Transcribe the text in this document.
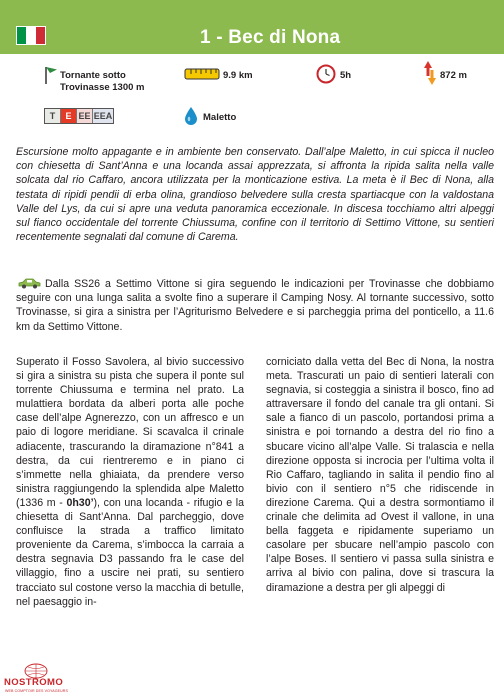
1 - Bec di Nona
Tornante sotto
Trovinasse 1300 m
9.9 km	5h	872 m
T	E EE EEA	Maletto

Escursione molto appagante e in ambiente ben conservato. Dall’alpe Maletto, in cui spicca il nucleo con chiesetta di Sant’Anna e una locanda assai apprezzata, si affronta la ripida salita nella valle solcata dal rio Caffaro, ancora utilizzata per la monticazione estiva. La meta è il Bec di Nona, alla testata di ripidi pendii di erba olina, grandioso belvedere sulla cresta spartiacque con la valdostana Valle del Lys, da cui si apre una veduta panoramica eccezionale. In discesa tocchiamo altri alpeggi sul fianco occidentale del torrente Chiussuma, confine con il territorio di Settimo Vittone, su sentieri recentemente segnalati dal comune di Carema.

Dalla SS26 a Settimo Vittone si gira seguendo le indicazioni per Trovinasse che dobbiamo seguire con una lunga salita a svolte fino a superare il Camping Nosy. Al tornante successivo, sotto Trovinasse, si gira a sinistra per l’Agriturismo Belvedere e si parcheggia prima del ponticello, a 11.6 km da Settimo Vittone.

Superato il Fosso Savolera, al bivio successivo si gira a sinistra su pista che supera il ponte sul torrente Chiussuma e termina nel prato. La mulattiera bordata da alberi porta alle poche case dell’alpe Agnerezzo, con un affresco e un paio di logore meridiane. Si scavalca il crinale adiacente, trascurando la diramazione n°841 a destra, da cui rientreremo e in piano ci s’immette nella ghiaiata, da prendere verso sinistra raggiungendo la splendida alpe Maletto (1336 m - 0h30’), con una locanda - rifugio e la chiesetta di Sant’Anna. Dal parcheggio, dove confluisce la strada a traffico limitato proveniente da Carema, s’imbocca la carraia a destra segnavia D3 passando fra le case del villaggio, fino a uscire nei prati, su sentiero tracciato sul costone verso la macchia di betulle, nel paesaggio in-

corniciato dalla vetta del Bec di Nona, la nostra meta. Trascurati un paio di sentieri laterali con segnavia, si costeggia a sinistra il bosco, fino ad attraversare il fondo del canale tra gli ontani. Si sale a fianco di un pascolo, portandosi prima a sinistra e poi tornando a destra del rio fino a sbucare vicino all’alpe Valle. Si tralascia e nella direzione opposta si incrocia per l’ultima volta il Rio Caffaro, tagliando in salita il pendio fino al bivio con il sentiero n°5 che ridiscende in direzione Carema. Qui a destra sormontiamo il crinale che delimita ad Ovest il vallone, in una bella faggeta e ripidamente superiamo un casolare per sbucare nell’ampio pascolo con l’alpe Boses. Il sentiero vi passa sulla sinistra e arriva al bivio con palina, dove si trascura la diramazione a destra per gli alpeggi di

NOSTROMO
WEB COMPTOIR DES VOYAGEURS
